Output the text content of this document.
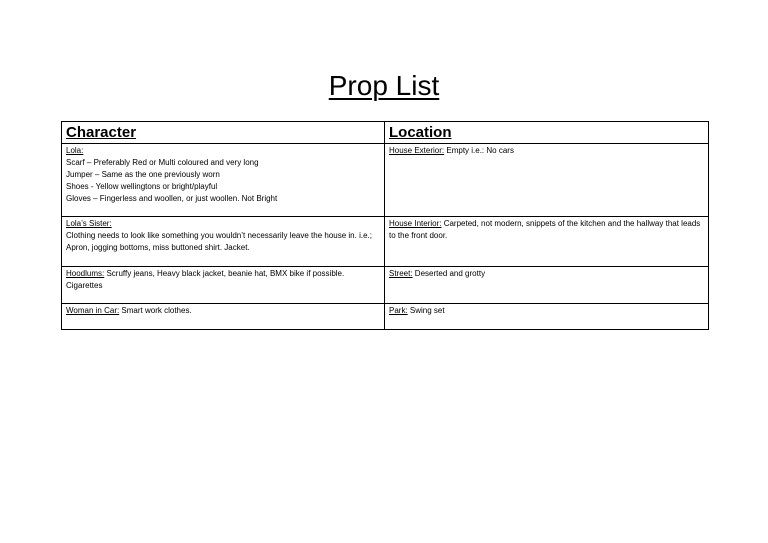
Prop List
Character	Location

Lola:
Scarf – Preferably Red or Multi coloured and very long
Jumper – Same as the one previously worn
Shoes - Yellow wellingtons or bright/playful
Gloves – Fingerless and woollen, or just woollen. Not Bright	House Exterior: Empty i.e.: No cars

Lola’s Sister:
Clothing needs to look like something you wouldn’t necessarily leave the house in. i.e.; Apron, jogging bottoms, miss buttoned shirt. Jacket.	House Interior: Carpeted, not modern, snippets of the kitchen and the hallway that leads to the front door.
Hoodlums: Scruffy jeans, Heavy black jacket, beanie hat, BMX bike if possible. Cigarettes	Street: Deserted and grotty
Woman in Car: Smart work clothes.	Park: Swing set
